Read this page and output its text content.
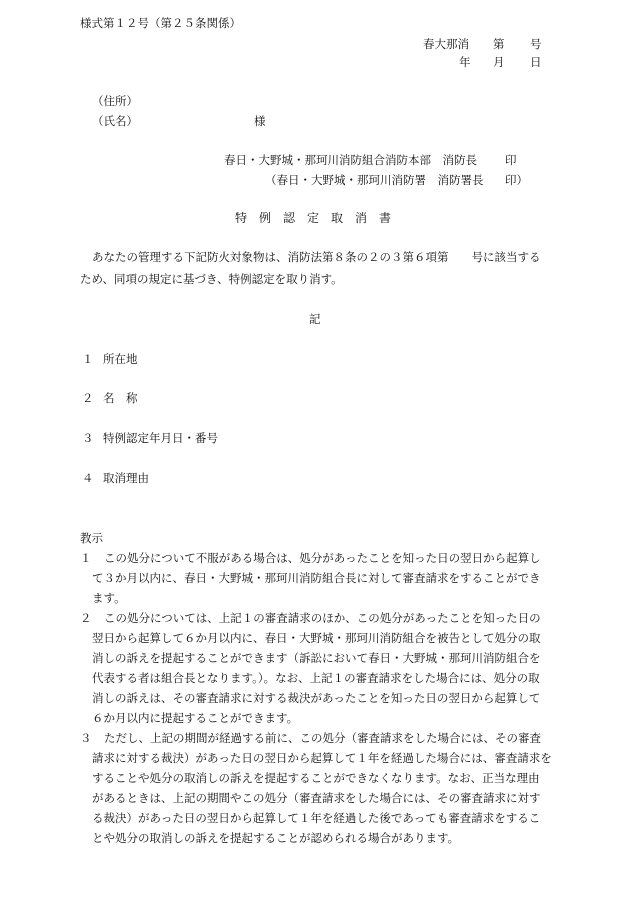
様式第１２号（第２５条関係）
春大那消 第 号
年 月 日
（住所）
（氏名）	様
春日・大野城・那珂川消防組合消防本部　消防長 印
（春日・大野城・那珂川消防署　消防署長 印）
特　例　認　定　取　消　書
あなたの管理する下記防火対象物は、消防法第８条の２の３第６項第　　号に該当する
ため、同項の規定に基づき、特例認定を取り消す。
記
１ 所在地
２ 名　称
３ 特例認定年月日・番号
４ 取消理由
教示
１ この処分について不服がある場合は、処分があったことを知った日の翌日から起算し
て３か月以内に、春日・大野城・那珂川消防組合長に対して審査請求をすることができ
ます。
２ この処分については、上記１の審査請求のほか、この処分があったことを知った日の
翌日から起算して６か月以内に、春日・大野城・那珂川消防組合を被告として処分の取
消しの訴えを提起することができます（訴訟において春日・大野城・那珂川消防組合を
代表する者は組合長となります。）。なお、上記１の審査請求をした場合には、処分の取
消しの訴えは、その審査請求に対する裁決があったことを知った日の翌日から起算して
６か月以内に提起することができます。
３ ただし、上記の期間が経過する前に、この処分（審査請求をした場合には、その審査
請求に対する裁決）があった日の翌日から起算して１年を経過した場合には、審査請求を
することや処分の取消しの訴えを提起することができなくなります。なお、正当な理由
があるときは、上記の期間やこの処分（審査請求をした場合には、その審査請求に対す
る裁決）があった日の翌日から起算して１年を経過した後であっても審査請求をするこ
とや処分の取消しの訴えを提起することが認められる場合があります。
